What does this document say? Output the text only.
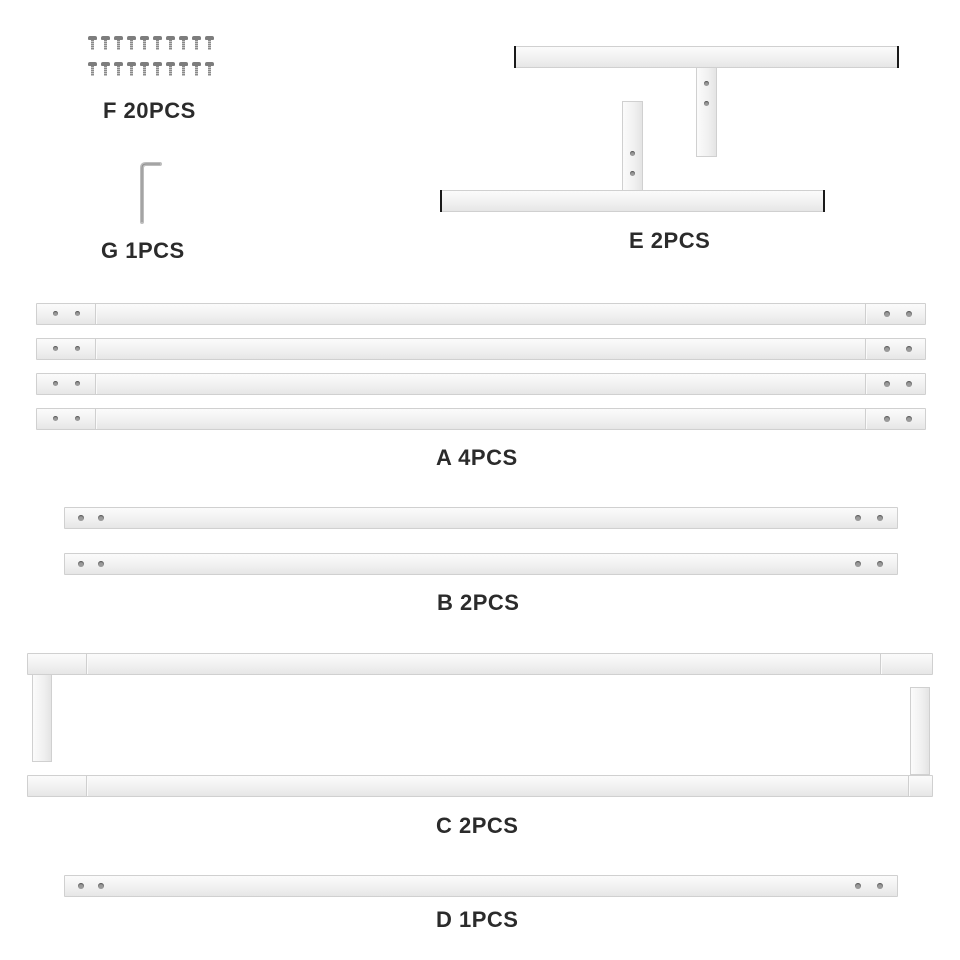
F 20PCS
G 1PCS	E 2PCS
A 4PCS
B 2PCS
C 2PCS
D 1PCS
